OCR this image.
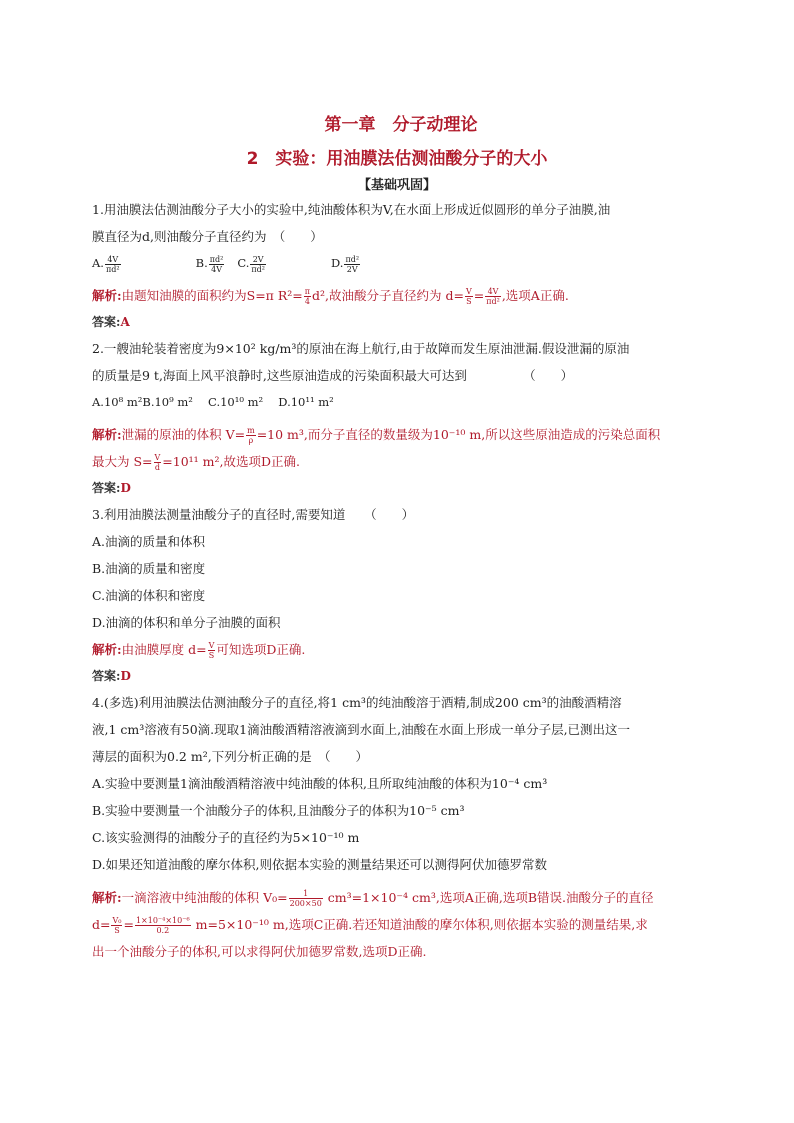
第一章　分子动理论
2　实验：用油膜法估测油酸分子的大小
【基础巩固】

1.用油膜法估测油酸分子大小的实验中,纯油酸体积为V,在水面上形成近似圆形的单分子油膜,油

膜直径为d,则油酸分子直径约为　（　　）

A. $\frac{4V}{\text{πd²}}$	B. $\frac{\text{πd²}}{4V} C$. $\frac{2V}{\text{πd²}}$	D. $\frac{\text{πd²}}{2V}$

解析:由题知油膜的面积约为S=π $R^2= \frac{\pi}{4} d^2$,故油酸分子直径约为 $d= \frac{V}{S} = \frac{4V}{\text{πd²}}$ ,选项A正确.

答案:A

2.一艘油轮装着密度为9×10² kg/m³的原油在海上航行,由于故障而发生原油泄漏.假设泄漏的原油

的质量是9 t,海面上风平浪静时,这些原油造成的污染面积最大可达到　　　　　（　　）

A.10⁸ m²B.10⁹ m²　 C.10¹⁰ m²　 D.10¹¹ m²

解析:泄漏的原油的体积 $V= \frac{m}{\rho} =10$ m³,而分子直径的数量级为10⁻¹⁰ m,所以这些原油造成的污染总面积

最大为 $S= \frac{V}{d} =10^{11}$ m²,故选项D正确.

答案:D

3.利用油膜法测量油酸分子的直径时,需要知道　　（　　）

A.油滴的质量和体积

B.油滴的质量和密度

C.油滴的体积和密度

D.油滴的体积和单分子油膜的面积

解析:由油膜厚度 $d= \frac{V}{S}$ 可知选项D正确.

答案:D

4.(多选)利用油膜法估测油酸分子的直径,将1 cm³的纯油酸溶于酒精,制成200 cm³的油酸酒精溶

液,1 cm³溶液有50滴.现取1滴油酸酒精溶液滴到水面上,油酸在水面上形成一单分子层,已测出这一

薄层的面积为0.2 m²,下列分析正确的是　（　　）

A.实验中要测量1滴油酸酒精溶液中纯油酸的体积,且所取纯油酸的体积为10⁻⁴ cm³

B.实验中要测量一个油酸分子的体积,且油酸分子的体积为10⁻⁵ cm³

C.该实验测得的油酸分子的直径约为5×10⁻¹⁰ m

D.如果还知道油酸的摩尔体积,则依据本实验的测量结果还可以测得阿伏加德罗常数

解析:一滴溶液中纯油酸的体积 $V_0= \frac{1}{200\times 50} cm^3=1\times 10^{-4}$ cm³,选项A正确,选项B错误.油酸分子的直径

$d= \frac{\text{V₀}}{S} = \frac{\text{1×10⁻⁴×10⁻⁶}}{0.2} m=5\times 10^{-10}$ m,选项C正确.若还知道油酸的摩尔体积,则依据本实验的测量结果,求

出一个油酸分子的体积,可以求得阿伏加德罗常数,选项D正确.
